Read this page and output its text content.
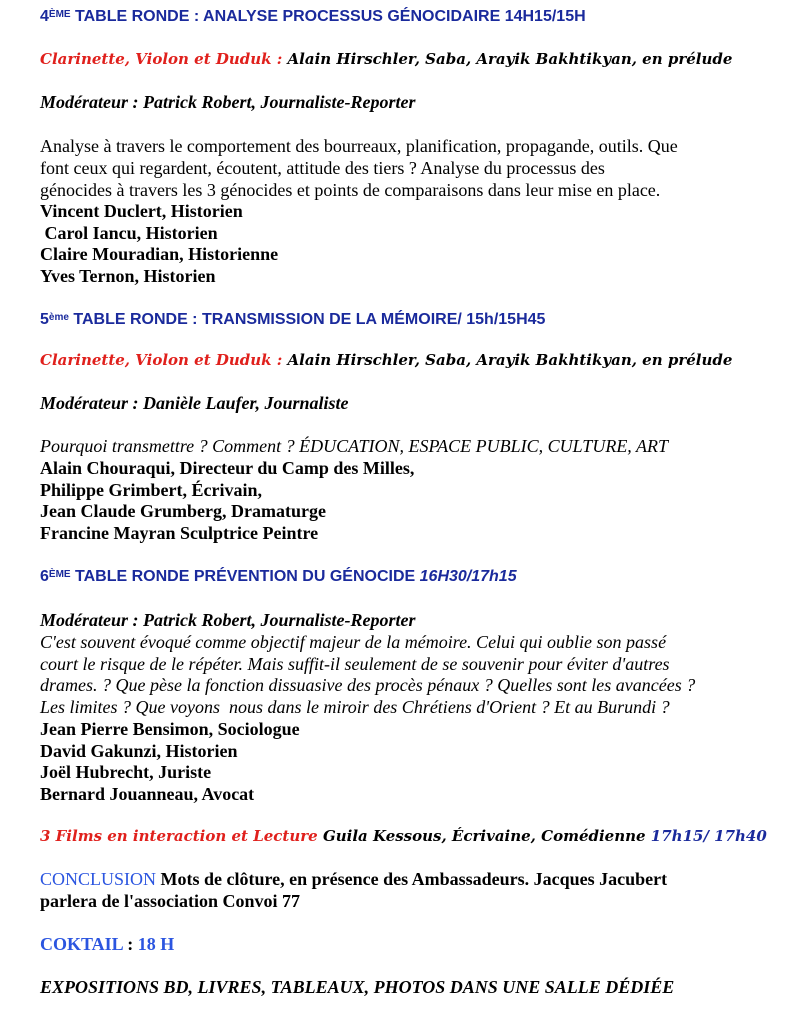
4ÈME TABLE RONDE : ANALYSE PROCESSUS GÉNOCIDAIRE 14H15/15H
Clarinette, Violon et Duduk : Alain Hirschler, Saba, Arayik Bakhtikyan, en prélude
Modérateur : Patrick Robert, Journaliste-Reporter
Analyse à travers le comportement des bourreaux, planification, propagande, outils. Que
font ceux qui regardent, écoutent, attitude des tiers ? Analyse du processus des
génocides à travers les 3 génocides et points de comparaisons dans leur mise en place.
Vincent Duclert, Historien
Carol Iancu, Historien
Claire Mouradian, Historienne
Yves Ternon, Historien
5ème TABLE RONDE : TRANSMISSION DE LA MÉMOIRE/ 15h/15H45
Clarinette, Violon et Duduk : Alain Hirschler, Saba, Arayik Bakhtikyan, en prélude
Modérateur : Danièle Laufer, Journaliste
Pourquoi transmettre ? Comment ? ÉDUCATION, ESPACE PUBLIC, CULTURE, ART
Alain Chouraqui, Directeur du Camp des Milles,
Philippe Grimbert, Écrivain,
Jean Claude Grumberg, Dramaturge
Francine Mayran Sculptrice Peintre
6ÈME TABLE RONDE PRÉVENTION DU GÉNOCIDE 16H30/17h15
Modérateur : Patrick Robert, Journaliste-Reporter
C'est souvent évoqué comme objectif majeur de la mémoire. Celui qui oublie son passé
court le risque de le répéter. Mais suffit-il seulement de se souvenir pour éviter d'autres
drames. ? Que pèse la fonction dissuasive des procès pénaux ? Quelles sont les avancées ?
Les limites ? Que voyons  nous dans le miroir des Chrétiens d'Orient ? Et au Burundi ?
Jean Pierre Bensimon, Sociologue
David Gakunzi, Historien
Joël Hubrecht, Juriste
Bernard Jouanneau, Avocat
3 Films en interaction et Lecture Guila Kessous, Écrivaine, Comédienne 17h15/ 17h40
CONCLUSION Mots de clôture, en présence des Ambassadeurs. Jacques Jacubert
parlera de l'association Convoi 77
COKTAIL : 18 H
EXPOSITIONS BD, LIVRES, TABLEAUX, PHOTOS DANS UNE SALLE DÉDIÉE
